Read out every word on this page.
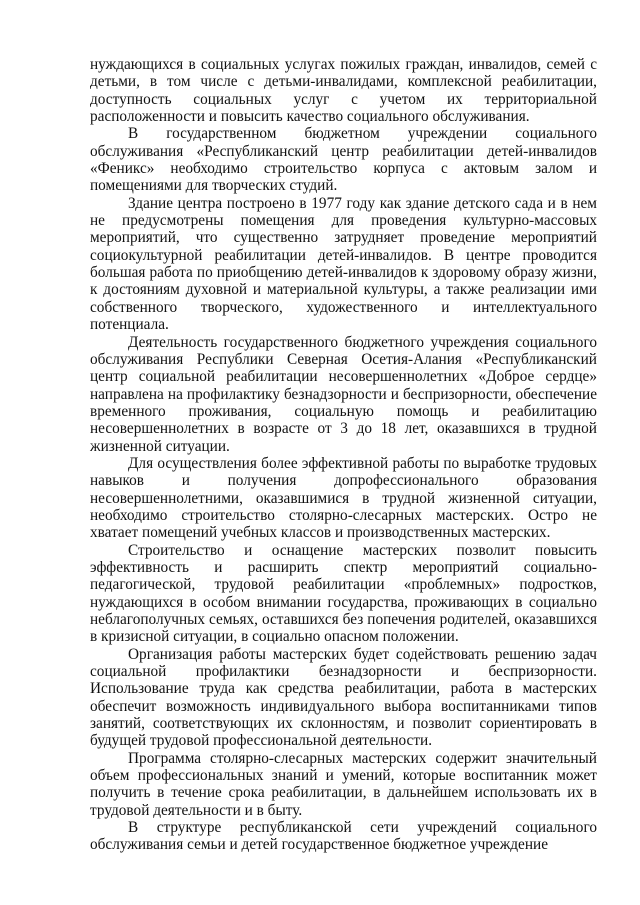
нуждающихся в социальных услугах пожилых граждан, инвалидов, семей с детьми, в том числе с детьми-инвалидами, комплексной реабилитации, доступность социальных услуг с учетом их территориальной расположенности и повысить качество социального обслуживания.

В государственном бюджетном учреждении социального обслуживания «Республиканский центр реабилитации детей-инвалидов «Феникс» необходимо строительство корпуса с актовым залом и помещениями для творческих студий.

Здание центра построено в 1977 году как здание детского сада и в нем не предусмотрены помещения для проведения культурно-массовых мероприятий, что существенно затрудняет проведение мероприятий социокультурной реабилитации детей-инвалидов. В центре проводится большая работа по приобщению детей-инвалидов к здоровому образу жизни, к достояниям духовной и материальной культуры, а также реализации ими собственного творческого, художественного и интеллектуального потенциала.

Деятельность государственного бюджетного учреждения социального обслуживания Республики Северная Осетия-Алания «Республиканский центр социальной реабилитации несовершеннолетних «Доброе сердце» направлена на профилактику безнадзорности и беспризорности, обеспечение временного проживания, социальную помощь и реабилитацию несовершеннолетних в возрасте от 3 до 18 лет, оказавшихся в трудной жизненной ситуации.

Для осуществления более эффективной работы по выработке трудовых навыков и получения допрофессионального образования несовершеннолетними, оказавшимися в трудной жизненной ситуации, необходимо строительство столярно-слесарных мастерских. Остро не хватает помещений учебных классов и производственных мастерских.

Строительство и оснащение мастерских позволит повысить эффективность и расширить спектр мероприятий социально- педагогической, трудовой реабилитации «проблемных» подростков, нуждающихся в особом внимании государства, проживающих в социально неблагополучных семьях, оставшихся без попечения родителей, оказавшихся в кризисной ситуации, в социально опасном положении.

Организация работы мастерских будет содействовать решению задач социальной профилактики безнадзорности и беспризорности. Использование труда как средства реабилитации, работа в мастерских обеспечит возможность индивидуального выбора воспитанниками типов занятий, соответствующих их склонностям, и позволит сориентировать в будущей трудовой профессиональной деятельности.

Программа столярно-слесарных мастерских содержит значительный объем профессиональных знаний и умений, которые воспитанник может получить в течение срока реабилитации, в дальнейшем использовать их в трудовой деятельности и в быту.

В структуре республиканской сети учреждений социального обслуживания семьи и детей государственное бюджетное учреждение
